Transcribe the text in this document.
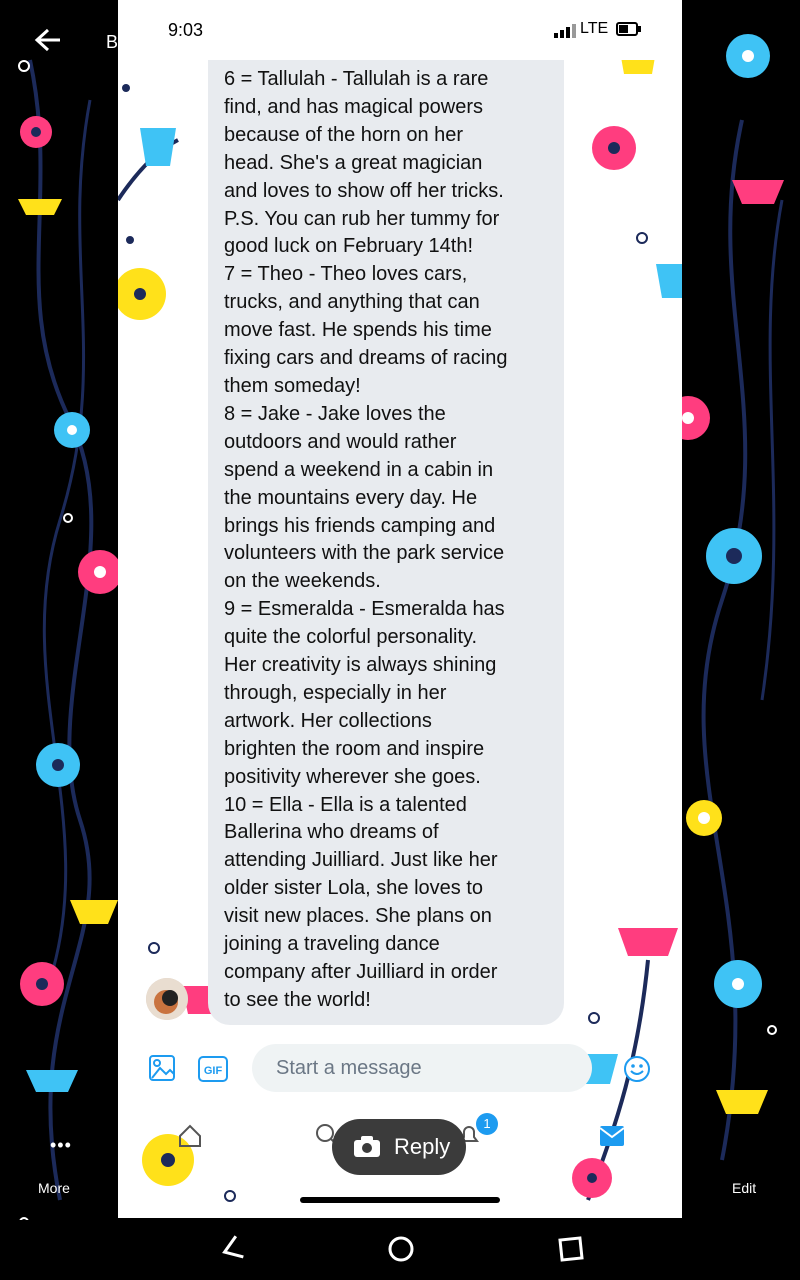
9:03	LTE
Savannah Ten

6 = Tallulah - Tallulah is a rare
find, and has magical powers
because of the horn on her
head. She's a great magician
and loves to show off her tricks.
P.S. You can rub her tummy for
good luck on February 14th!
7 = Theo - Theo loves cars,
trucks, and anything that can
move fast. He spends his time
fixing cars and dreams of racing
them someday!
8 = Jake - Jake loves the
outdoors and would rather
spend a weekend in a cabin in
the mountains every day. He
brings his friends camping and
volunteers with the park service
on the weekends.
9 = Esmeralda - Esmeralda has
quite the colorful personality.
Her creativity is always shining
through, especially in her
artwork. Her collections
brighten the room and inspire
positivity wherever she goes.
10 = Ella - Ella is a talented
Ballerina who dreams of
attending Juilliard. Just like her
older sister Lola, she loves to
visit new places. She plans on
joining a traveling dance
company after Juilliard in order
to see the world!

GIF	Start a message
1
Reply
B
•••
More	Edit
